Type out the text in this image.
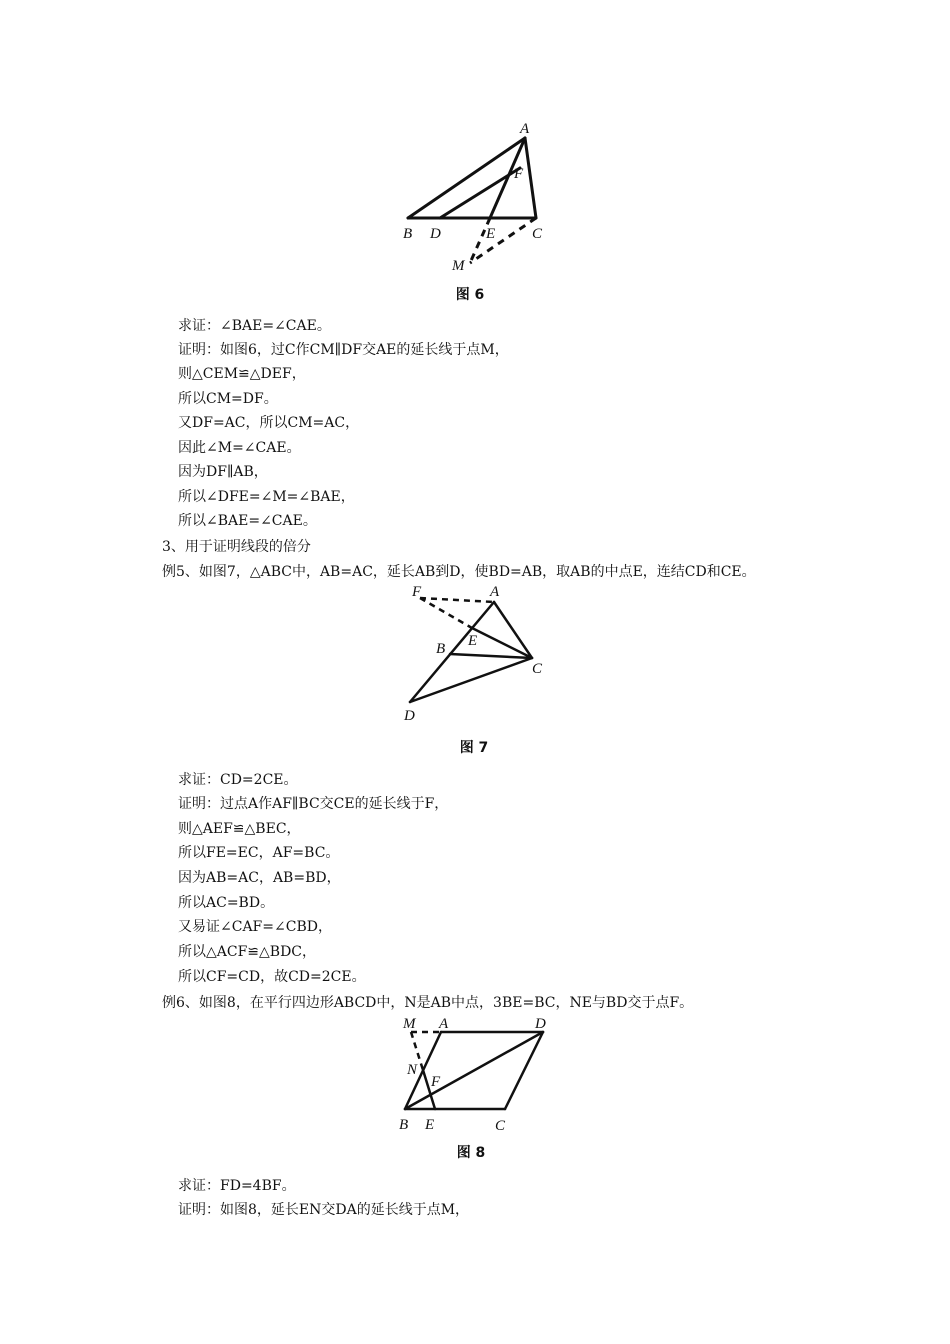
A
F
B D	E C
M
图 6
求证：∠BAE=∠CAE。
证明：如图6，过C作CM∥DF交AE的延长线于点M，
则△CEM≌△DEF，
所以CM=DF。
又DF=AC，所以CM=AC，
因此∠M=∠CAE。
因为DF∥AB，
所以∠DFE=∠M=∠BAE，
所以∠BAE=∠CAE。
3、用于证明线段的倍分
例5、如图7，△ABC中，AB=AC，延长AB到D，使BD=AB，取AB的中点E，连结CD和CE。
F	A
E
B
C
D
图 7
求证：CD=2CE。
证明：过点A作AF∥BC交CE的延长线于F，
则△AEF≌△BEC，
所以FE=EC，AF=BC。
因为AB=AC，AB=BD，
所以AC=BD。
又易证∠CAF=∠CBD，
所以△ACF≌△BDC，
所以CF=CD，故CD=2CE。
例6、如图8，在平行四边形ABCD中，N是AB中点，3BE=BC，NE与BD交于点F。
M A	D
N
F
B E	C
图 8
求证：FD=4BF。
证明：如图8，延长EN交DA的延长线于点M，
